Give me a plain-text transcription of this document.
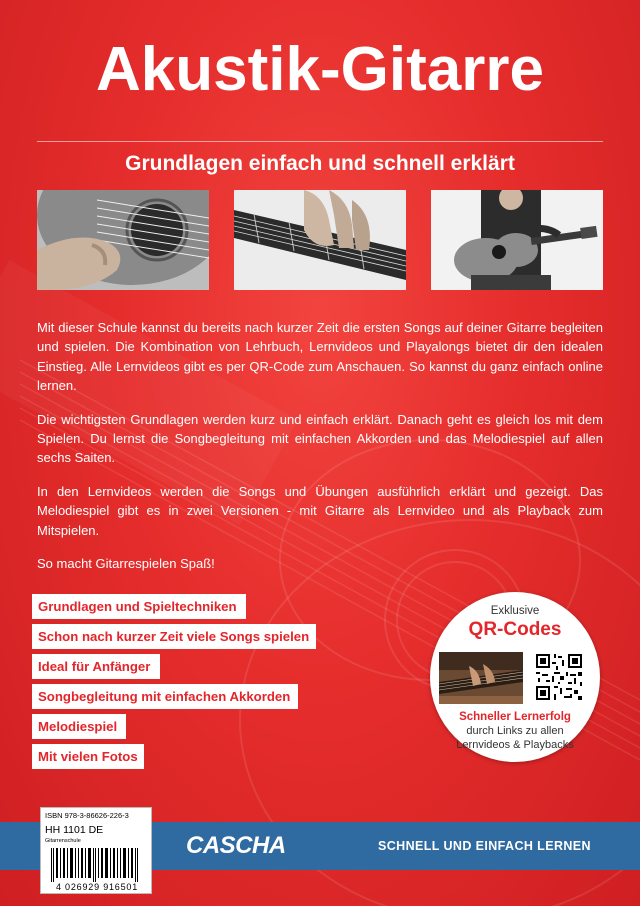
Akustik-Gitarre
Grundlagen einfach und schnell erklärt

Mit dieser Schule kannst du bereits nach kurzer Zeit die ersten Songs auf deiner Gitarre begleiten und spielen. Die Kombination von Lehrbuch, Lernvideos und Playalongs bietet dir den idealen Einstieg. Alle Lernvideos gibt es per QR-Code zum Anschauen. So kannst du ganz einfach online lernen.

Die wichtigsten Grundlagen werden kurz und einfach erklärt. Danach geht es gleich los mit dem Spielen. Du lernst die Songbegleitung mit einfachen Akkorden und das Melodiespiel auf allen sechs Saiten.

In den Lernvideos werden die Songs und Übungen ausführlich erklärt und gezeigt. Das Melodiespiel gibt es in zwei Versionen - mit Gitarre als Lernvideo und als Playback zum Mitspielen.

So macht Gitarrespielen Spaß!

Grundlagen und Spieltechniken
Schon nach kurzer Zeit viele Songs spielen
Ideal für Anfänger
Songbegleitung mit einfachen Akkorden
Melodiespiel
Mit vielen Fotos
Exklusive
QR-Codes
Schneller Lernerfolg
durch Links zu allen Lernvideos & Playbacks
CASCHA	SCHNELL UND EINFACH LERNEN
ISBN 978-3-86626-226-3
HH 1101 DE
Gitarrenschule
4 026929 916501
